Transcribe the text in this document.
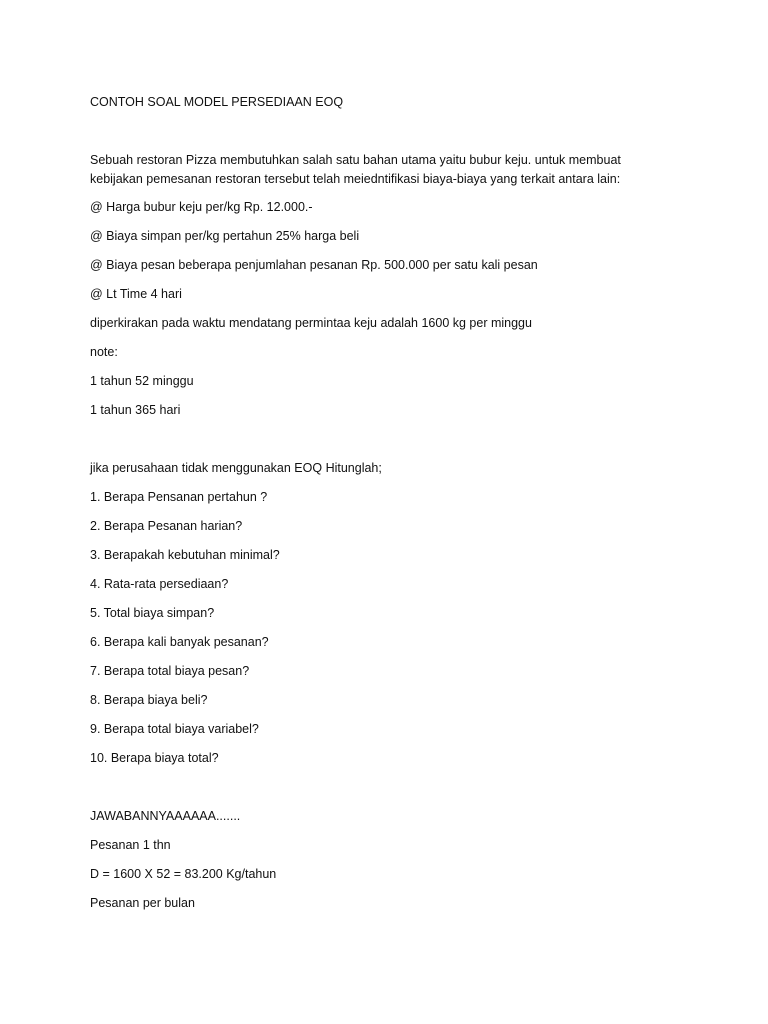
CONTOH SOAL MODEL PERSEDIAAN EOQ
Sebuah restoran Pizza membutuhkan salah satu bahan utama yaitu bubur keju. untuk membuat
kebijakan pemesanan restoran tersebut telah meiedntifikasi biaya-biaya yang terkait antara lain:
@ Harga bubur keju per/kg Rp. 12.000.-
@ Biaya simpan per/kg pertahun 25% harga beli
@ Biaya pesan beberapa penjumlahan pesanan Rp. 500.000 per satu kali pesan
@ Lt Time 4 hari
diperkirakan pada waktu mendatang permintaa keju adalah 1600 kg per minggu
note:
1 tahun 52 minggu
1 tahun 365 hari
jika perusahaan tidak menggunakan EOQ Hitunglah;
1. Berapa Pensanan pertahun ?
2. Berapa Pesanan harian?
3. Berapakah kebutuhan minimal?
4. Rata-rata persediaan?
5. Total biaya simpan?
6. Berapa kali banyak pesanan?
7. Berapa total biaya pesan?
8. Berapa biaya beli?
9. Berapa total biaya variabel?
10. Berapa biaya total?
JAWABANNYAAAAAA.......
Pesanan 1 thn
D = 1600 X 52 = 83.200 Kg/tahun
Pesanan per bulan
